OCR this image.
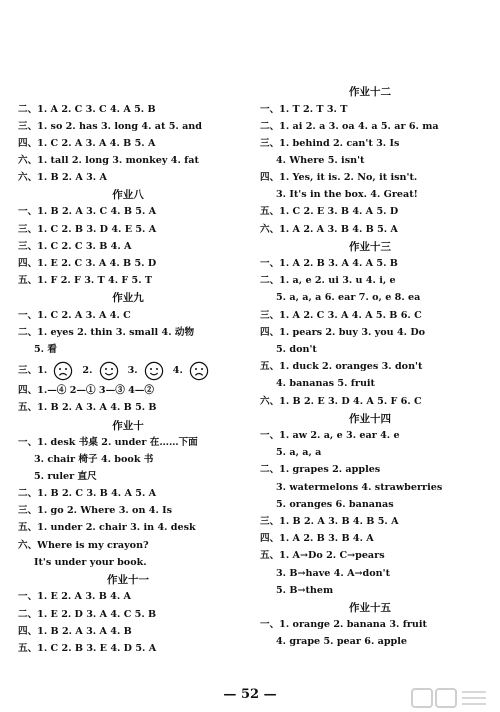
二、1. A 2. C 3. C 4. A 5. B
三、1. so 2. has 3. long 4. at 5. and
四、1. C 2. A 3. A 4. B 5. A
六、1. tall 2. long 3. monkey 4. fat
六、1. B 2. A 3. A
作业八
一、1. B 2. A 3. C 4. B 5. A
三、1. C 2. B 3. D 4. E 5. A
三、1. C 2. C 3. B 4. A
四、1. E 2. C 3. A 4. B 5. D
五、1. F 2. F 3. T 4. F 5. T
作业九
一、1. C 2. A 3. A 4. C
二、1. eyes 2. thin 3. small 4. 动物
5. 看
三、1.	2.	3.	4.
四、1.—④ 2—① 3—③ 4—②
五、1. B 2. A 3. A 4. B 5. B
作业十
一、1. desk 书桌 2. under 在……下面
3. chair 椅子 4. book 书
5. ruler 直尺
二、1. B 2. C 3. B 4. A 5. A
三、1. go 2. Where 3. on 4. Is
五、1. under 2. chair 3. in 4. desk
六、Where is my crayon?
It's under your book.
作业十一
一、1. E 2. A 3. B 4. A
二、1. E 2. D 3. A 4. C 5. B
四、1. B 2. A 3. A 4. B
五、1. C 2. B 3. E 4. D 5. A
作业十二
一、1. T 2. T 3. T
二、1. ai 2. a 3. oa 4. a 5. ar 6. ma
三、1. behind 2. can't 3. Is
4. Where 5. isn't
四、1. Yes, it is. 2. No, it isn't.
3. It's in the box. 4. Great!
五、1. C 2. E 3. B 4. A 5. D
六、1. A 2. A 3. B 4. B 5. A
作业十三
一、1. A 2. B 3. A 4. A 5. B
二、1. a, e 2. ui 3. u 4. i, e
5. a, a, a 6. ear 7. o, e 8. ea
三、1. A 2. C 3. A 4. A 5. B 6. C
四、1. pears 2. buy 3. you 4. Do
5. don't
五、1. duck 2. oranges 3. don't
4. bananas 5. fruit
六、1. B 2. E 3. D 4. A 5. F 6. C
作业十四
一、1. aw 2. a, e 3. ear 4. e
5. a, a, a
二、1. grapes 2. apples
3. watermelons 4. strawberries
5. oranges 6. bananas
三、1. B 2. A 3. B 4. B 5. A
四、1. A 2. B 3. B 4. A
五、1. A→Do 2. C→pears
3. B→have 4. A→don't
5. B→them
作业十五
一、1. orange 2. banana 3. fruit
4. grape 5. pear 6. apple
— 52 —
